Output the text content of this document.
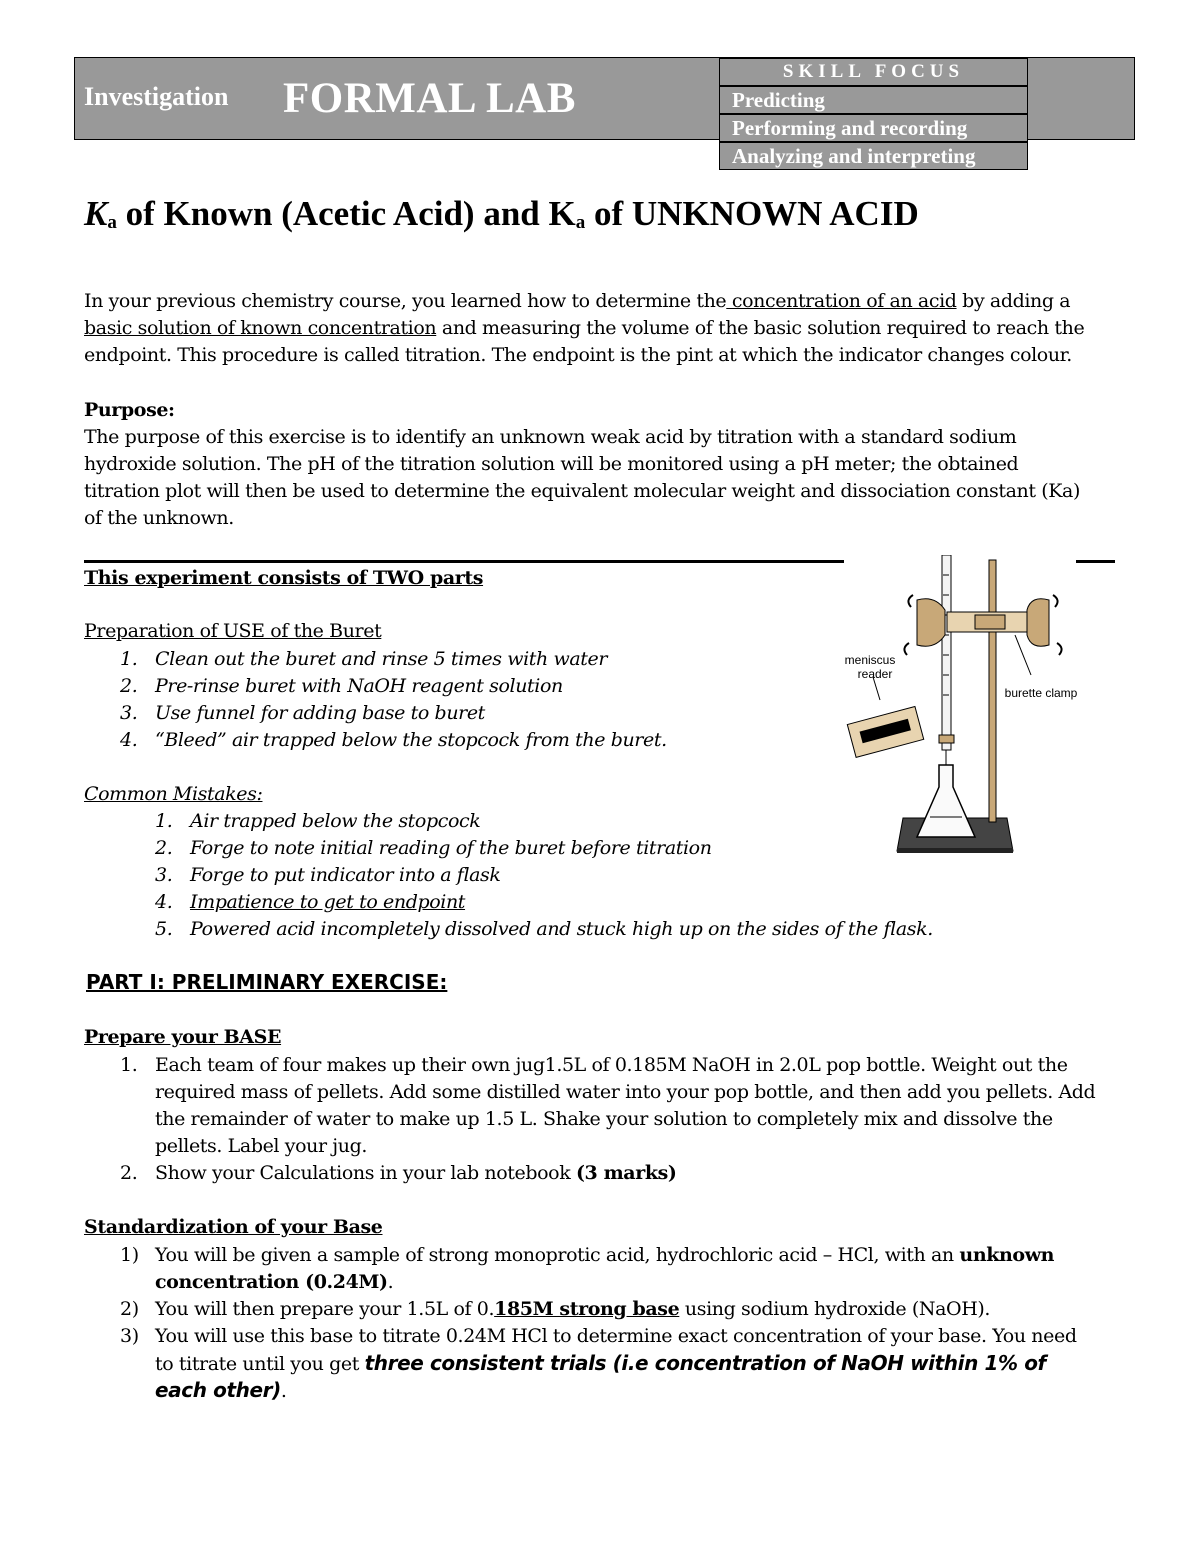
Investigation FORMAL LAB
SKILL FOCUS
Predicting
Performing and recording
Analyzing and interpreting
$K_a$ of Known (Acetic Acid) and $K_a$ of UNKNOWN ACID
In your previous chemistry course, you learned how to determine the concentration of an acid by adding a
basic solution of known concentration and measuring the volume of the basic solution required to reach the
endpoint. This procedure is called titration. The endpoint is the pint at which the indicator changes colour.
Purpose:
The purpose of this exercise is to identify an unknown weak acid by titration with a standard sodium
hydroxide solution. The pH of the titration solution will be monitored using a pH meter; the obtained
titration plot will then be used to determine the equivalent molecular weight and dissociation constant (Ka)
of the unknown.
This experiment consists of TWO parts
Preparation of USE of the Buret
1. Clean out the buret and rinse 5 times with water
2. Pre-rinse buret with NaOH reagent solution
3. Use funnel for adding base to buret
4. “Bleed” air trapped below the stopcock from the buret.
Common Mistakes:
1. Air trapped below the stopcock
2. Forge to note initial reading of the buret before titration
3. Forge to put indicator into a flask
4. Impatience to get to endpoint
5. Powered acid incompletely dissolved and stuck high up on the sides of the flask.
meniscus
reader
burette clamp
PART I: PRELIMINARY EXERCISE:
Prepare your BASE
1. Each team of four makes up their own jug1.5L of 0.185M NaOH in 2.0L pop bottle. Weight out the
required mass of pellets. Add some distilled water into your pop bottle, and then add you pellets. Add
the remainder of water to make up 1.5 L. Shake your solution to completely mix and dissolve the
pellets. Label your jug.
2. Show your Calculations in your lab notebook (3 marks)
Standardization of your Base
1) You will be given a sample of strong monoprotic acid, hydrochloric acid – HCl, with an unknown
concentration (0.24M).
2) You will then prepare your 1.5L of 0.185M strong base using sodium hydroxide (NaOH).
3) You will use this base to titrate 0.24M HCl to determine exact concentration of your base. You need
to titrate until you get three consistent trials (i.e concentration of NaOH within 1% of
each other).
